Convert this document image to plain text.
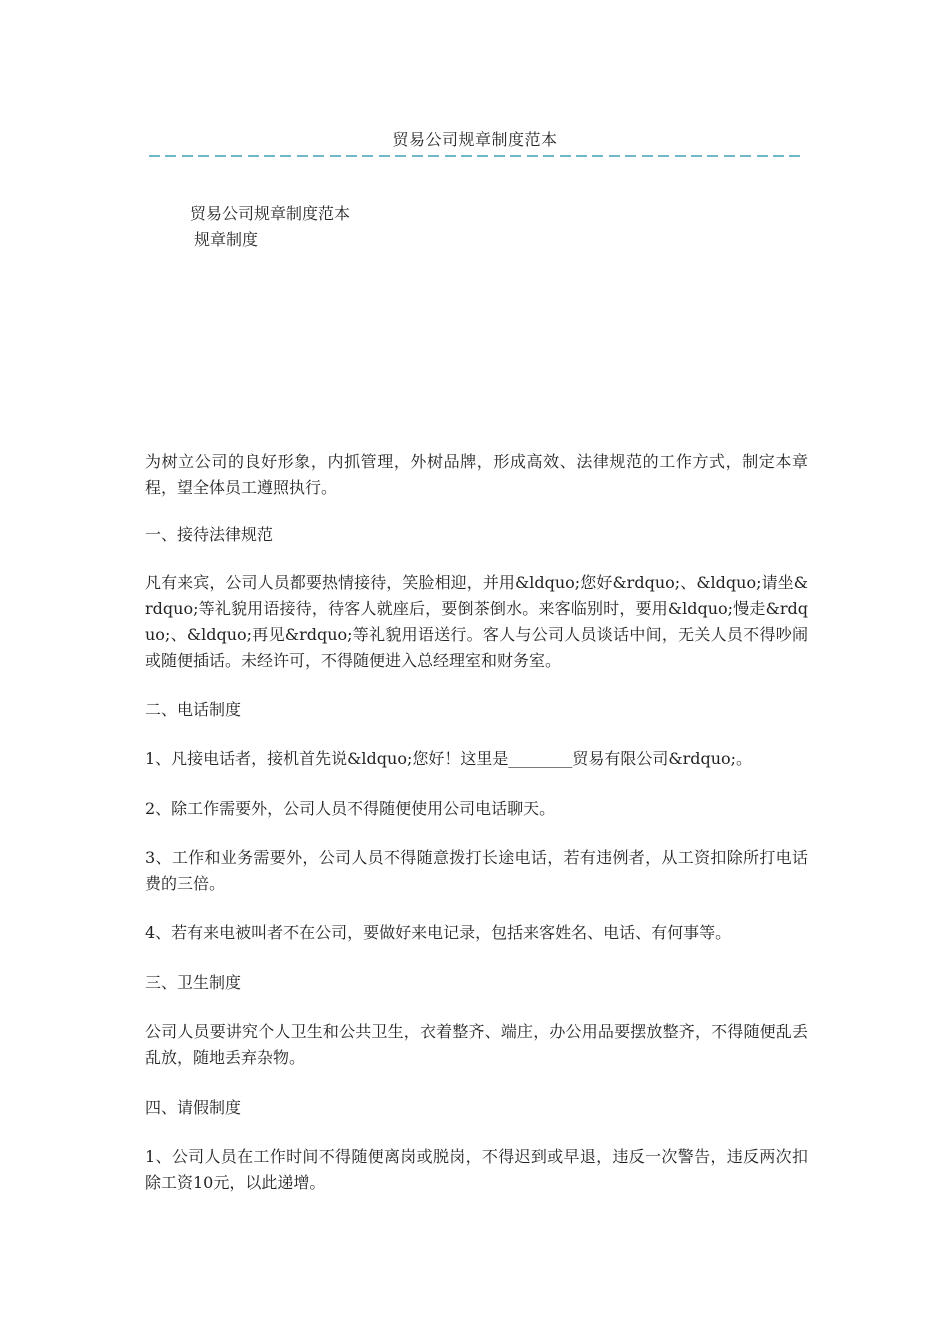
贸易公司规章制度范本
贸易公司规章制度范本
规章制度
为树立公司的良好形象，内抓管理，外树品牌，形成高效、法律规范的工作方式，制定本章程，望全体员工遵照执行。
一、接待法律规范
凡有来宾，公司人员都要热情接待，笑脸相迎，并用&ldquo;您好&rdquo;、&ldquo;请坐&rdquo;等礼貌用语接待，待客人就座后，要倒茶倒水。来客临别时，要用&ldquo;慢走&rdquo;、&ldquo;再见&rdquo;等礼貌用语送行。客人与公司人员谈话中间，无关人员不得吵闹或随便插话。未经许可，不得随便进入总经理室和财务室。
二、电话制度
1、凡接电话者，接机首先说&ldquo;您好！这里是________贸易有限公司&rdquo;。
2、除工作需要外，公司人员不得随便使用公司电话聊天。
3、工作和业务需要外，公司人员不得随意拨打长途电话，若有违例者，从工资扣除所打电话费的三倍。
4、若有来电被叫者不在公司，要做好来电记录，包括来客姓名、电话、有何事等。
三、卫生制度
公司人员要讲究个人卫生和公共卫生，衣着整齐、端庄，办公用品要摆放整齐，不得随便乱丢乱放，随地丢弃杂物。
四、请假制度
1、公司人员在工作时间不得随便离岗或脱岗，不得迟到或早退，违反一次警告，违反两次扣除工资10元，以此递增。
